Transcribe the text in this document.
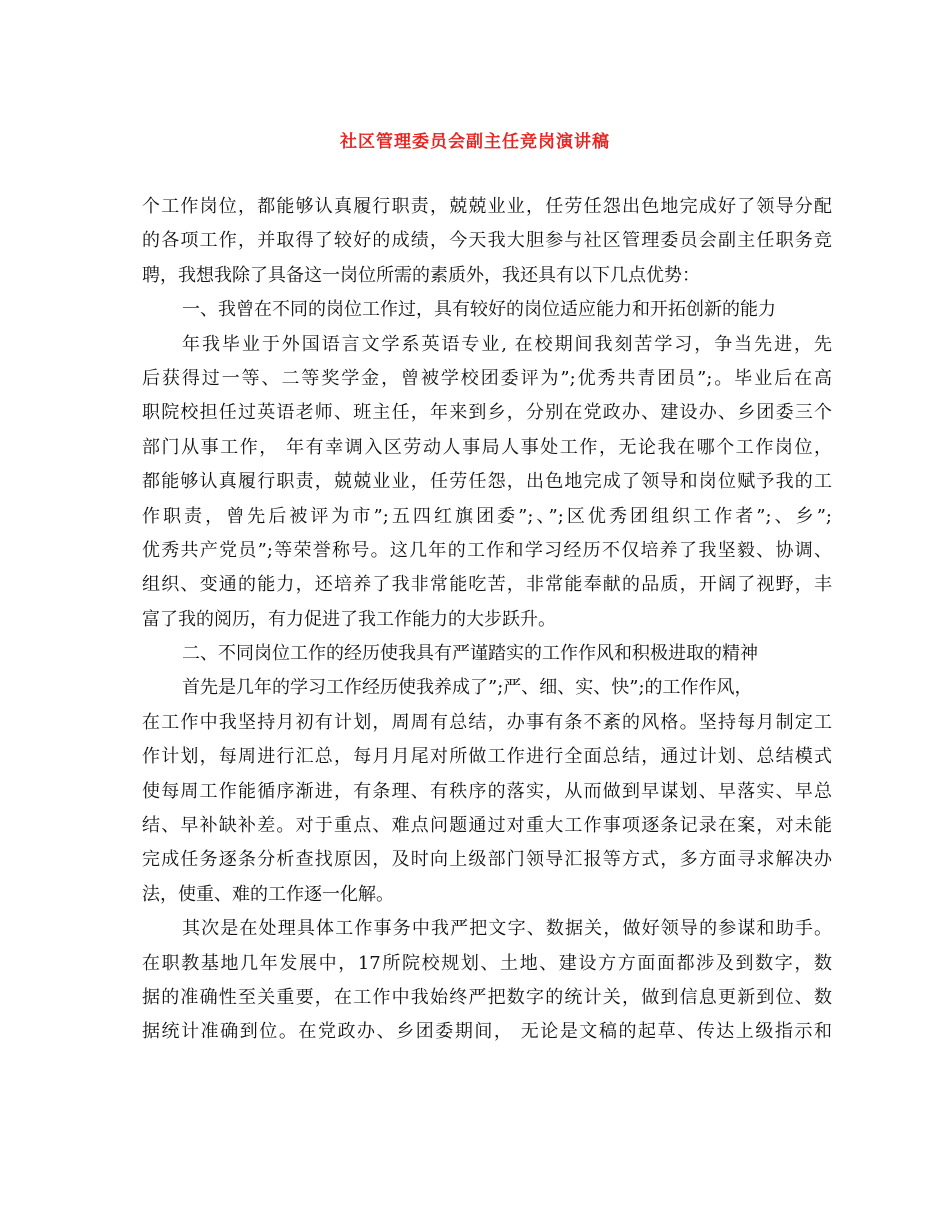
社区管理委员会副主任竞岗演讲稿
个工作岗位，都能够认真履行职责，兢兢业业，任劳任怨出色地完成好了领导分配
的各项工作，并取得了较好的成绩，今天我大胆参与社区管理委员会副主任职务竞
聘，我想我除了具备这一岗位所需的素质外，我还具有以下几点优势：
一、我曾在不同的岗位工作过，具有较好的岗位适应能力和开拓创新的能力
年我毕业于外国语言文学系英语专业, 在校期间我刻苦学习，争当先进，先
后获得过一等、二等奖学金，曾被学校团委评为”;优秀共青团员”;。毕业后在高
职院校担任过英语老师、班主任，年来到乡，分别在党政办、建设办、乡团委三个
部门从事工作， 年有幸调入区劳动人事局人事处工作，无论我在哪个工作岗位，
都能够认真履行职责，兢兢业业，任劳任怨，出色地完成了领导和岗位赋予我的工
作职责，曾先后被评为市”;五四红旗团委”;、”;区优秀团组织工作者”;、乡”;
优秀共产党员”;等荣誉称号。这几年的工作和学习经历不仅培养了我坚毅、协调、
组织、变通的能力，还培养了我非常能吃苦，非常能奉献的品质，开阔了视野，丰
富了我的阅历，有力促进了我工作能力的大步跃升。
二、不同岗位工作的经历使我具有严谨踏实的工作作风和积极进取的精神
首先是几年的学习工作经历使我养成了”;严、细、实、快”;的工作作风，
在工作中我坚持月初有计划，周周有总结，办事有条不紊的风格。坚持每月制定工
作计划，每周进行汇总，每月月尾对所做工作进行全面总结，通过计划、总结模式
使每周工作能循序渐进，有条理、有秩序的落实，从而做到早谋划、早落实、早总
结、早补缺补差。对于重点、难点问题通过对重大工作事项逐条记录在案，对未能
完成任务逐条分析查找原因，及时向上级部门领导汇报等方式，多方面寻求解决办
法，使重、难的工作逐一化解。
其次是在处理具体工作事务中我严把文字、数据关，做好领导的参谋和助手。
在职教基地几年发展中，17所院校规划、土地、建设方方面面都涉及到数字，数
据的准确性至关重要，在工作中我始终严把数字的统计关，做到信息更新到位、数
据统计准确到位。在党政办、乡团委期间， 无论是文稿的起草、传达上级指示和
